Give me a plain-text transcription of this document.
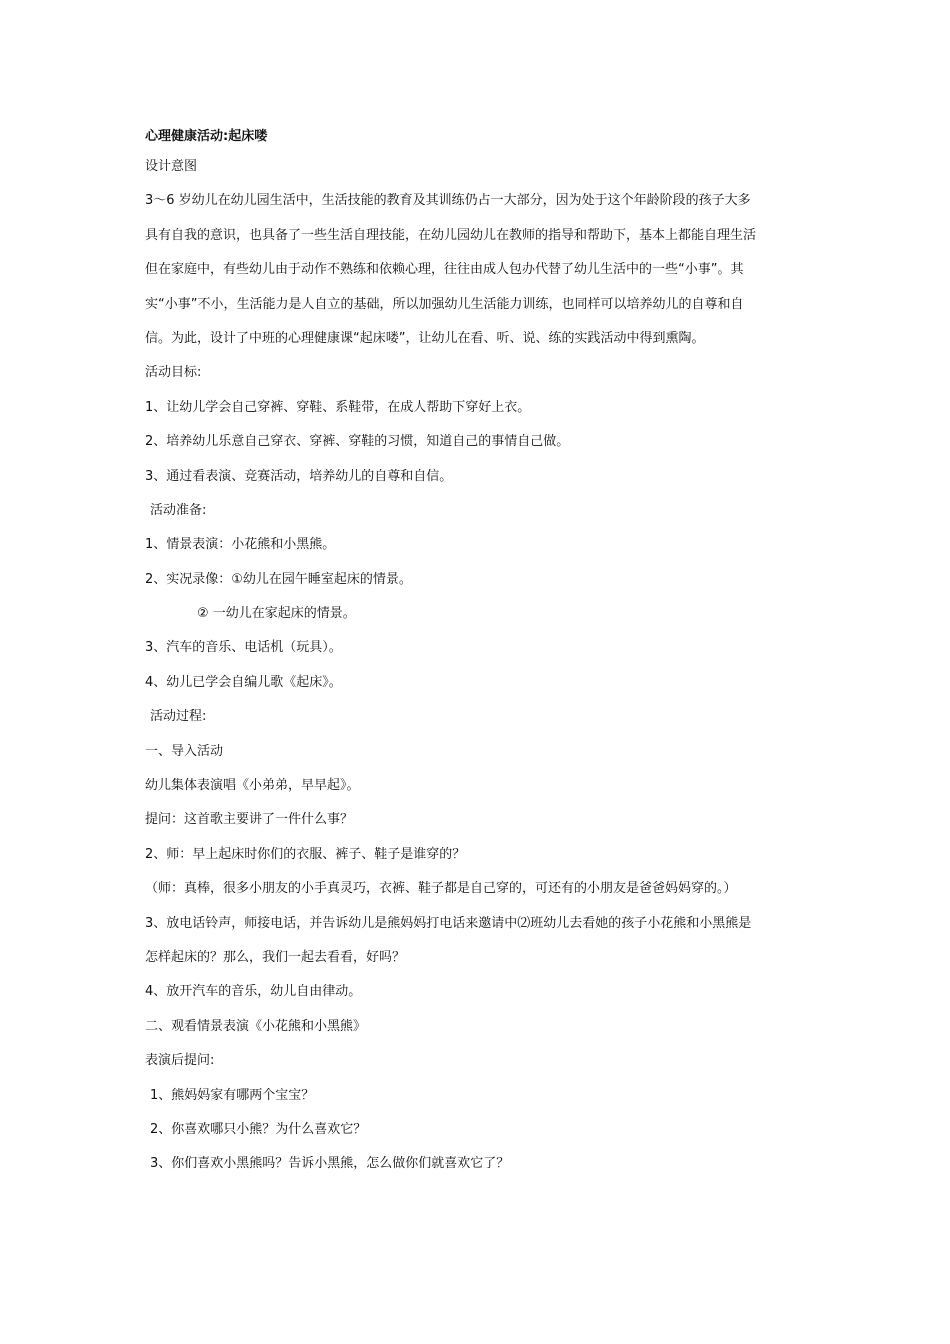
心理健康活动:起床喽
设计意图
3～6 岁幼儿在幼儿园生活中，生活技能的教育及其训练仍占一大部分，因为处于这个年龄阶段的孩子大多
具有自我的意识，也具备了一些生活自理技能，在幼儿园幼儿在教师的指导和帮助下，基本上都能自理生活
但在家庭中，有些幼儿由于动作不熟练和依赖心理，往往由成人包办代替了幼儿生活中的一些“小事”。其
实“小事”不小，生活能力是人自立的基础，所以加强幼儿生活能力训练，也同样可以培养幼儿的自尊和自
信。为此，设计了中班的心理健康课“起床喽”，让幼儿在看、听、说、练的实践活动中得到熏陶。
活动目标:
1、让幼儿学会自己穿裤、穿鞋、系鞋带，在成人帮助下穿好上衣。
2、培养幼儿乐意自己穿衣、穿裤、穿鞋的习惯，知道自己的事情自己做。
3、通过看表演、竞赛活动，培养幼儿的自尊和自信。
活动准备:
1、情景表演：小花熊和小黑熊。
2、实况录像：①幼儿在园午睡室起床的情景。
② 一幼儿在家起床的情景。
3、汽车的音乐、电话机（玩具）。
4、幼儿已学会自编儿歌《起床》。
活动过程:
一、导入活动
幼儿集体表演唱《小弟弟，早早起》。
提问：这首歌主要讲了一件什么事？
2、师：早上起床时你们的衣服、裤子、鞋子是谁穿的？
（师：真棒，很多小朋友的小手真灵巧，衣裤、鞋子都是自己穿的，可还有的小朋友是爸爸妈妈穿的。）
3、放电话铃声，师接电话，并告诉幼儿是熊妈妈打电话来邀请中⑵班幼儿去看她的孩子小花熊和小黑熊是
怎样起床的？那么，我们一起去看看，好吗？
4、放开汽车的音乐，幼儿自由律动。
二、观看情景表演《小花熊和小黑熊》
表演后提问:
1、熊妈妈家有哪两个宝宝？
2、你喜欢哪只小熊？为什么喜欢它？
3、你们喜欢小黑熊吗？告诉小黑熊，怎么做你们就喜欢它了？
